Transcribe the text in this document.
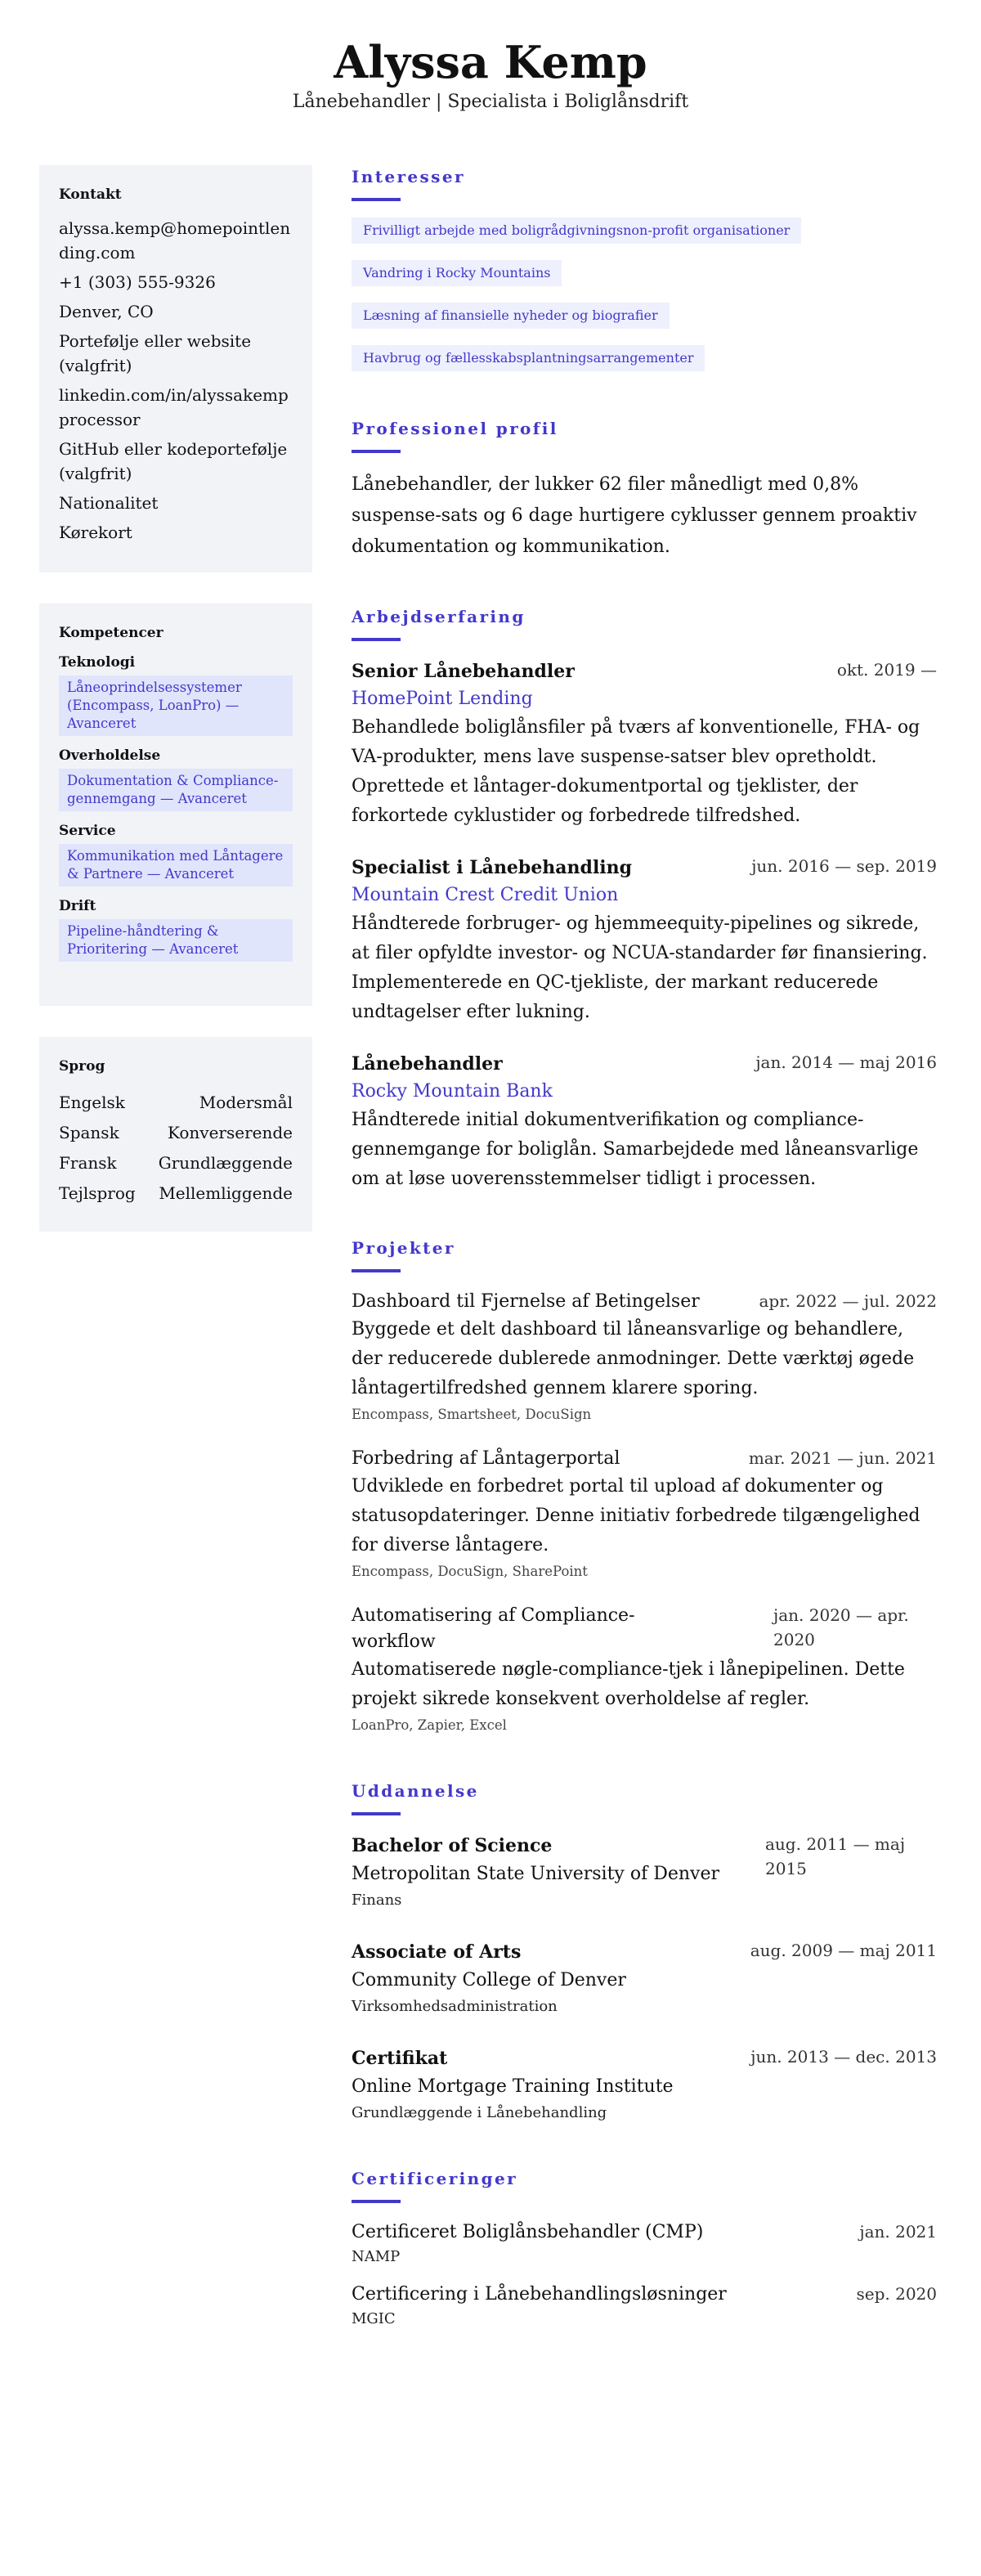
Alyssa Kemp
Lånebehandler | Specialista i Boliglånsdrift
Kontakt
alyssa.kemp@homepointlending.com
+1 (303) 555-9326
Denver, CO
Portefølje eller website (valgfrit)
linkedin.com/in/alyssakempprocessor
GitHub eller kodeportefølje (valgfrit)
Nationalitet
Kørekort
Kompetencer
Teknologi
Låneoprindelsessystemer (Encompass, LoanPro) — Avanceret
Overholdelse
Dokumentation & Compliance-gennemgang — Avanceret
Service
Kommunikation med Låntagere & Partnere — Avanceret
Drift
Pipeline-håndtering & Prioritering — Avanceret
Sprog
Engelsk	Modersmål
Spansk	Konverserende
Fransk	Grundlæggende
Tejlsprog Mellemliggende
Interesser
Frivilligt arbejde med boligrådgivningsnon-profit organisationer
Vandring i Rocky Mountains
Læsning af finansielle nyheder og biografier
Havbrug og fællesskabsplantningsarrangementer
Professionel profil

Lånebehandler, der lukker 62 filer månedligt med 0,8% suspense-sats og 6 dage hurtigere cyklusser gennem proaktiv dokumentation og kommunikation.

Arbejdserfaring
Senior Lånebehandler	okt. 2019 —
HomePoint Lending

Behandlede boliglånsfiler på tværs af konventionelle, FHA- og VA-produkter, mens lave suspense-satser blev opretholdt. Oprettede et låntager-dokumentportal og tjeklister, der forkortede cyklustider og forbedrede tilfredshed.

Specialist i Lånebehandling	jun. 2016 — sep. 2019
Mountain Crest Credit Union

Håndterede forbruger- og hjemmeequity-pipelines og sikrede, at filer opfyldte investor- og NCUA-standarder før finansiering. Implementerede en QC-tjekliste, der markant reducerede undtagelser efter lukning.

Lånebehandler	jan. 2014 — maj 2016
Rocky Mountain Bank

Håndterede initial dokumentverifikation og compliance-gennemgange for boliglån. Samarbejdede med låneansvarlige om at løse uoverensstemmelser tidligt i processen.

Projekter
Dashboard til Fjernelse af Betingelser	apr. 2022 — jul. 2022

Byggede et delt dashboard til låneansvarlige og behandlere, der reducerede dublerede anmodninger. Dette værktøj øgede låntagertilfredshed gennem klarere sporing.

Encompass, Smartsheet, DocuSign
Forbedring af Låntagerportal	mar. 2021 — jun. 2021

Udviklede en forbedret portal til upload af dokumenter og statusopdateringer. Denne initiativ forbedrede tilgængelighed for diverse låntagere.

Encompass, DocuSign, SharePoint
Automatisering af Compliance-workflow
jan. 2020 — apr. 2020

Automatiserede nøgle-compliance-tjek i lånepipelinen. Dette projekt sikrede konsekvent overholdelse af regler.

LoanPro, Zapier, Excel
Uddannelse
Bachelor of Science
Metropolitan State University of Denver
aug. 2011 — maj 2015
Finans
Associate of Arts
Community College of Denver
aug. 2009 — maj 2011
Virksomhedsadministration
Certifikat
Online Mortgage Training Institute
jun. 2013 — dec. 2013
Grundlæggende i Lånebehandling
Certificeringer
Certificeret Boliglånsbehandler (CMP)	jan. 2021
NAMP
Certificering i Lånebehandlingsløsninger	sep. 2020
MGIC
